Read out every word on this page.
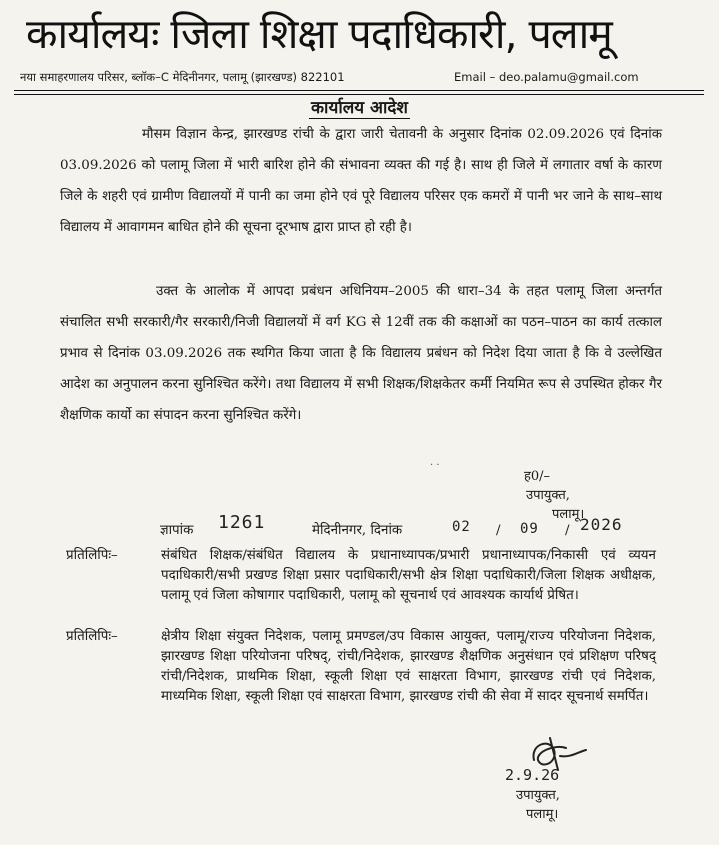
कार्यालयः जिला शिक्षा पदाधिकारी, पलामू
नया समाहरणालय परिसर, ब्लॉक–C मेदिनीनगर, पलामू (झारखण्ड) 822101	Email – deo.palamu@gmail.com
कार्यालय आदेश
मौसम विज्ञान केन्द्र, झारखण्ड रांची के द्वारा जारी चेतावनी के अनुसार दिनांक 02.09.2026 एवं दिनांक 03.09.2026 को पलामू जिला में भारी बारिश होने की संभावना व्यक्त की गई है। साथ ही जिले में लगातार वर्षा के कारण जिले के शहरी एवं ग्रामीण विद्यालयों में पानी का जमा होने एवं पूरे विद्यालय परिसर एक कमरों में पानी भर जाने के साथ–साथ विद्यालय में आवागमन बाधित होने की सूचना दूरभाष द्वारा प्राप्त हो रही है।
उक्त के आलोक में आपदा प्रबंधन अधिनियम–2005 की धारा–34 के तहत पलामू जिला अन्तर्गत संचालित सभी सरकारी/गैर सरकारी/निजी विद्यालयों में वर्ग KG से 12वीं तक की कक्षाओं का पठन–पाठन का कार्य तत्काल प्रभाव से दिनांक 03.09.2026 तक स्थगित किया जाता है कि विद्यालय प्रबंधन को निदेश दिया जाता है कि वे उल्लेखित आदेश का अनुपालन करना सुनिश्चित करेंगे। तथा विद्यालय में सभी शिक्षक/शिक्षकेतर कर्मी नियमित रूप से उपस्थित होकर गैर शैक्षणिक कार्यो का संपादन करना सुनिश्चित करेंगे।
· ·
ह0/–
उपायुक्त,
पलामू।
ज्ञापांक 1261	मेदिनीनगर, दिनांक	02 / 09 / 2026
प्रतिलिपिः–	संबंधित शिक्षक/संबंधित विद्यालय के प्रधानाध्यापक/प्रभारी प्रधानाध्यापक/निकासी एवं व्ययन पदाधिकारी/सभी प्रखण्ड शिक्षा प्रसार पदाधिकारी/सभी क्षेत्र शिक्षा पदाधिकारी/जिला शिक्षक अधीक्षक, पलामू एवं जिला कोषागार पदाधिकारी, पलामू को सूचनार्थ एवं आवश्यक कार्यार्थ प्रेषित।
प्रतिलिपिः–	क्षेत्रीय शिक्षा संयुक्त निदेशक, पलामू प्रमण्डल/उप विकास आयुक्त, पलामू/राज्य परियोजना निदेशक, झारखण्ड शिक्षा परियोजना परिषद्, रांची/निदेशक, झारखण्ड शैक्षणिक अनुसंधान एवं प्रशिक्षण परिषद् रांची/निदेशक, प्राथमिक शिक्षा, स्कूली शिक्षा एवं साक्षरता विभाग, झारखण्ड रांची एवं निदेशक, माध्यमिक शिक्षा, स्कूली शिक्षा एवं साक्षरता विभाग, झारखण्ड रांची की सेवा में सादर सूचनार्थ समर्पित।
2.9.26
उपायुक्त,
पलामू।
